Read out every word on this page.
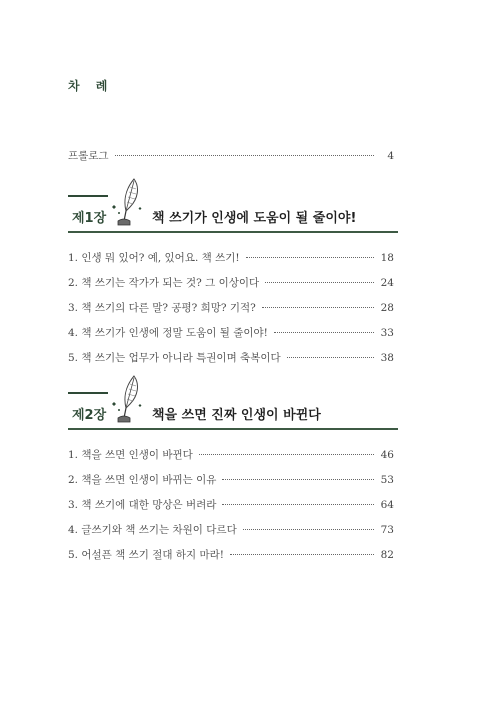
차 례
프롤로그	4
제1장	책 쓰기가 인생에 도움이 될 줄이야!
1. 인생 뭐 있어? 예, 있어요. 책 쓰기!	18
2. 책 쓰기는 작가가 되는 것? 그 이상이다	24
3. 책 쓰기의 다른 말? 공평? 희망? 기적?	28
4. 책 쓰기가 인생에 정말 도움이 될 줄이야!	33
5. 책 쓰기는 업무가 아니라 특권이며 축복이다	38
제2장	책을 쓰면 진짜 인생이 바뀐다
1. 책을 쓰면 인생이 바뀐다	46
2. 책을 쓰면 인생이 바뀌는 이유	53
3. 책 쓰기에 대한 망상은 버려라	64
4. 글쓰기와 책 쓰기는 차원이 다르다	73
5. 어설픈 책 쓰기 절대 하지 마라!	82
